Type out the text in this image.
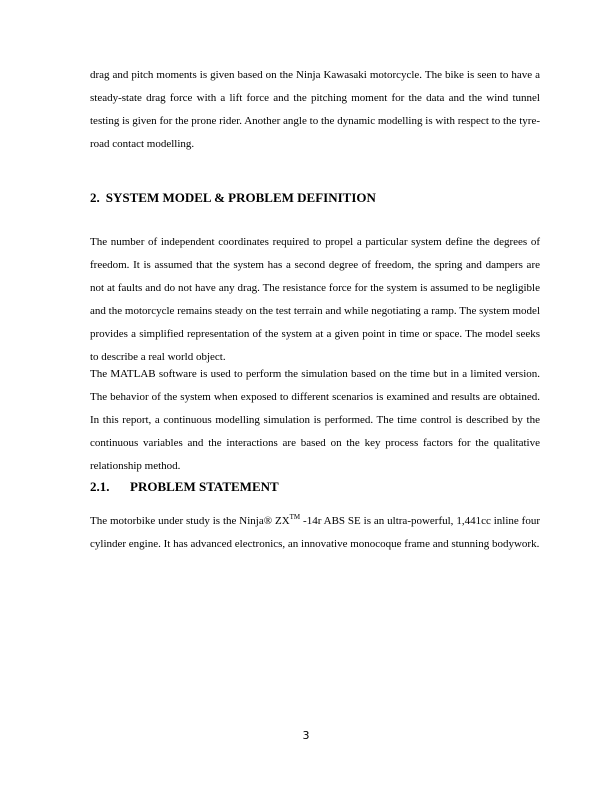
drag and pitch moments is given based on the Ninja Kawasaki motorcycle. The bike is seen to have a steady-state drag force with a lift force and the pitching moment for the data and the wind tunnel testing is given for the prone rider. Another angle to the dynamic modelling is with respect to the tyre-road contact modelling.

2. SYSTEM MODEL & PROBLEM DEFINITION

The number of independent coordinates required to propel a particular system define the degrees of freedom. It is assumed that the system has a second degree of freedom, the spring and dampers are not at faults and do not have any drag. The resistance force for the system is assumed to be negligible and the motorcycle remains steady on the test terrain and while negotiating a ramp. The system model provides a simplified representation of the system at a given point in time or space. The model seeks to describe a real world object.

The MATLAB software is used to perform the simulation based on the time but in a limited version. The behavior of the system when exposed to different scenarios is examined and results are obtained. In this report, a continuous modelling simulation is performed. The time control is described by the continuous variables and the interactions are based on the key process factors for the qualitative relationship method.

2.1. PROBLEM STATEMENT

The motorbike under study is the Ninja® ZX™ -14r ABS SE is an ultra-powerful, 1,441cc inline four cylinder engine. It has advanced electronics, an innovative monocoque frame and stunning bodywork.

3
